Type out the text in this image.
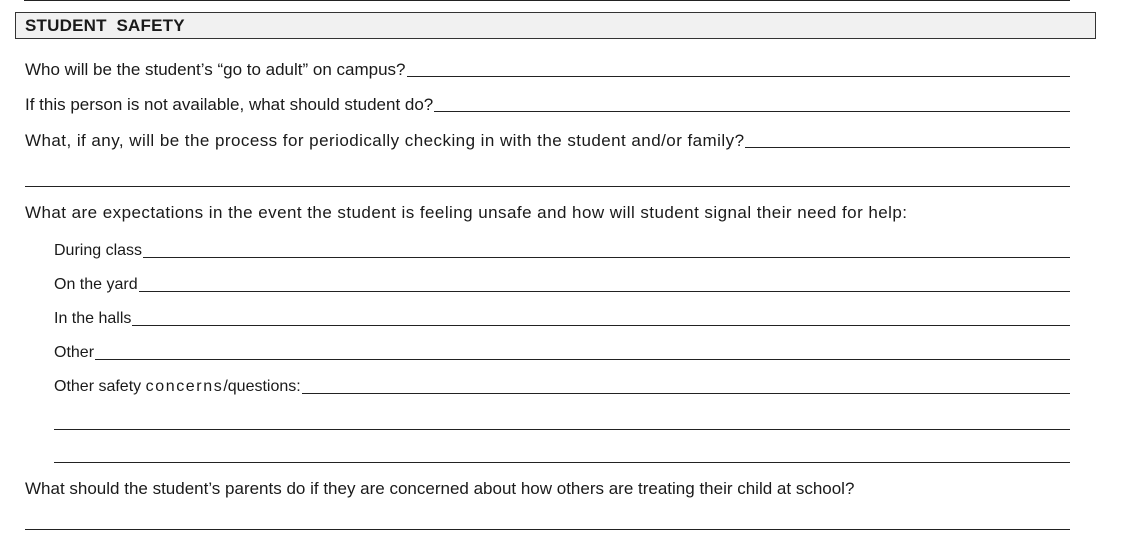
STUDENT  SAFETY
Who will be the student’s “go to adult” on campus?
If this person is not available, what should student do?
What, if any, will be the process for periodically checking in with the student and/or family?
What are expectations in the event the student is feeling unsafe and how will student signal their need for help:
During class
On the yard
In the halls
Other
Other safety concerns/questions:
What should the student’s parents do if they are concerned about how others are treating their child at school?
